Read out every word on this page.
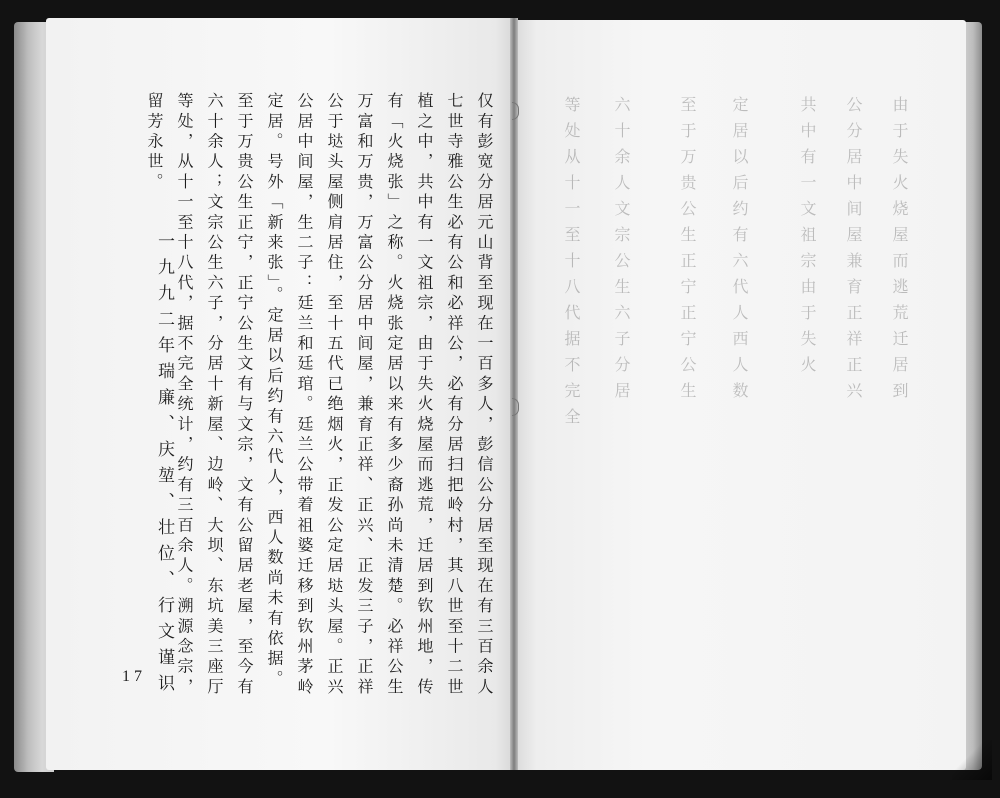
仅有彭宽分居元山背至现在一百多人，彭信公分居至现在有三百余人
七世寺雅公生必有公和必祥公，必有分居扫把岭村，其八世至十二世
植之中，共中有一文祖宗，由于失火烧屋而逃荒，迁居到钦州地，传
有「火烧张」之称。火烧张定居以来有多少裔孙尚未清楚。必祥公生
万富和万贵，万富公分居中间屋，兼育正祥、正兴、正发三子，正祥
公于垯头屋侧肩居住，至十五代已绝烟火，正发公定居垯头屋。正兴
公居中间屋，生二子：廷兰和廷琯。廷兰公带着祖婆迁移到钦州茅岭
定居。号外「新来张」。定居以后约有六代人，西人数尚未有依据。
至于万贵公生正宁，正宁公生文有与文宗，文有公留居老屋，至今有
六十余人；文宗公生六子，分居十新屋、边岭、大坝、东坑美三座厅
等处，从十一至十八代，据不完全统计，约有三百余人。溯源念宗，
留芳永世。
一九九二年瑞廉、庆堃、壮位、行文谨识
17
由于失火烧屋而逃荒迁居到
公分居中间屋兼育正祥正兴
共中有一文祖宗由于失火
定居以后约有六代人西人数
至于万贵公生正宁正宁公生
六十余人文宗公生六子分居
等处从十一至十八代据不完全
